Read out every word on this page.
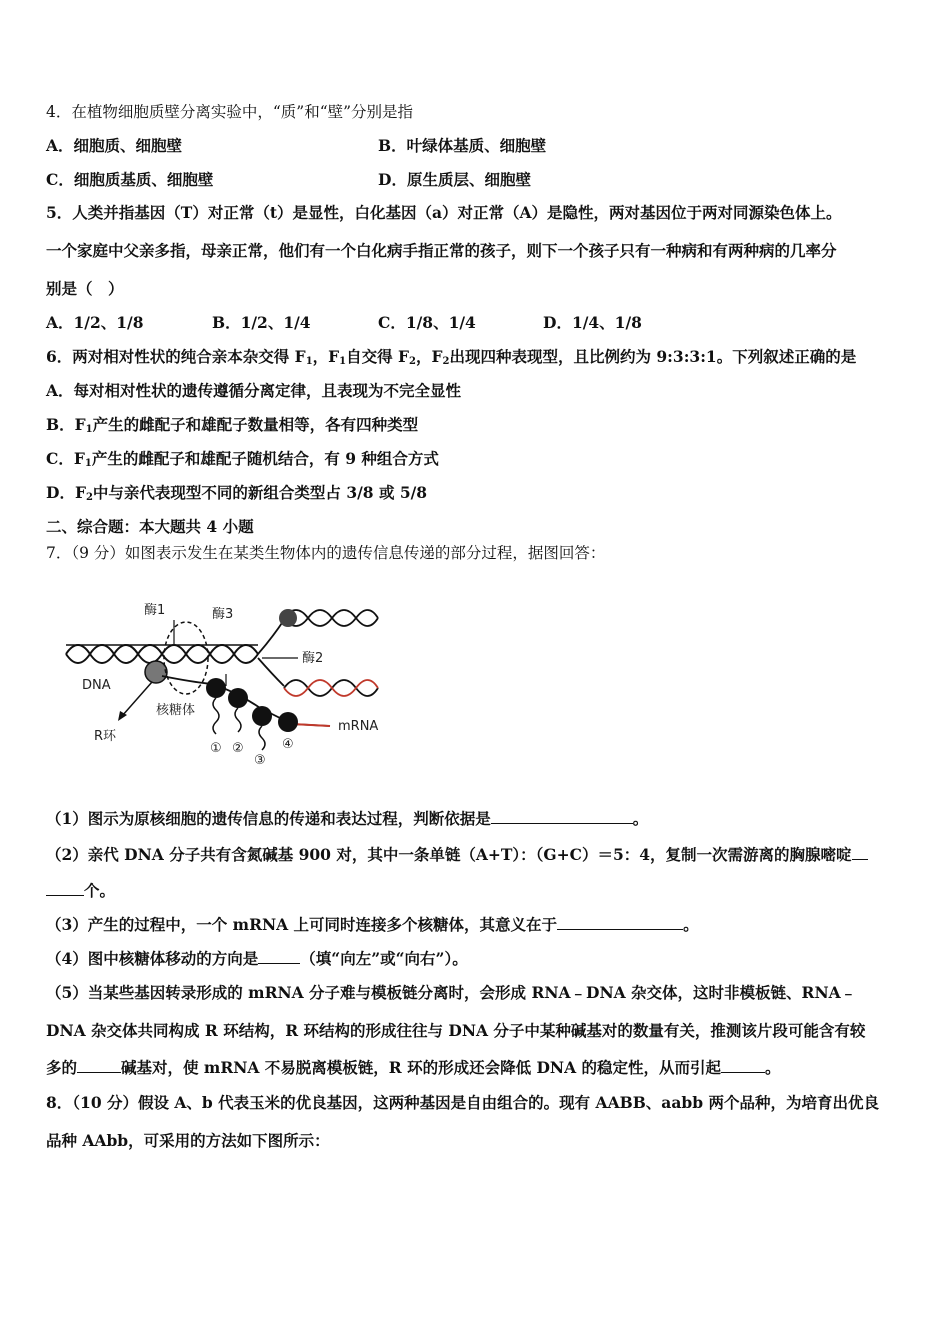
4．在植物细胞质壁分离实验中，“质”和“壁”分别是指
A．细胞质、细胞壁	B．叶绿体基质、细胞壁
C．细胞质基质、细胞壁	D．原生质层、细胞壁
5．人类并指基因（T）对正常（t）是显性，白化基因（a）对正常（A）是隐性，两对基因位于两对同源染色体上。
一个家庭中父亲多指，母亲正常，他们有一个白化病手指正常的孩子，则下一个孩子只有一种病和有两种病的几率分
别是（　）
A．1/2、1/8	B．1/2、1/4	C．1/8、1/4	D．1/4、1/8
6．两对相对性状的纯合亲本杂交得 $F_1$，$F_1$自交得 $F_2$，$F_2$出现四种表现型，且比例约为 9:3:3:1。下列叙述正确的是
A．每对相对性状的遗传遵循分离定律，且表现为不完全显性
B．$F_1$产生的雌配子和雄配子数量相等，各有四种类型
C．$F_1$产生的雌配子和雄配子随机结合，有 9 种组合方式
D．$F_2$中与亲代表现型不同的新组合类型占 3/8 或 5/8
二、综合题：本大题共 4 小题
7．（9 分）如图表示发生在某类生物体内的遗传信息传递的部分过程，据图回答：
酶1	酶3
酶2
DNA
核糖体
R环
mRNA
① ②
③
④
（1）图示为原核细胞的遗传信息的传递和表达过程，判断依据是	。
（2）亲代 DNA 分子共有含氮碱基 900 对，其中一条单链（A+T）：（G+C）＝5：4，复制一次需游离的胸腺嘧啶
个。
（3）产生的过程中，一个 mRNA 上可同时连接多个核糖体，其意义在于	。
（4）图中核糖体移动的方向是	（填“向左”或“向右”）。
（5）当某些基因转录形成的 mRNA 分子难与模板链分离时，会形成 RNA﹣DNA 杂交体，这时非模板链、RNA﹣
DNA 杂交体共同构成 R 环结构，R 环结构的形成往往与 DNA 分子中某种碱基对的数量有关，推测该片段可能含有较
多的	碱基对，使 mRNA 不易脱离模板链，R 环的形成还会降低 DNA 的稳定性，从而引起	。
8．（10 分）假设 A、b 代表玉米的优良基因，这两种基因是自由组合的。现有 AABB、aabb 两个品种，为培育出优良
品种 AAbb，可采用的方法如下图所示：
